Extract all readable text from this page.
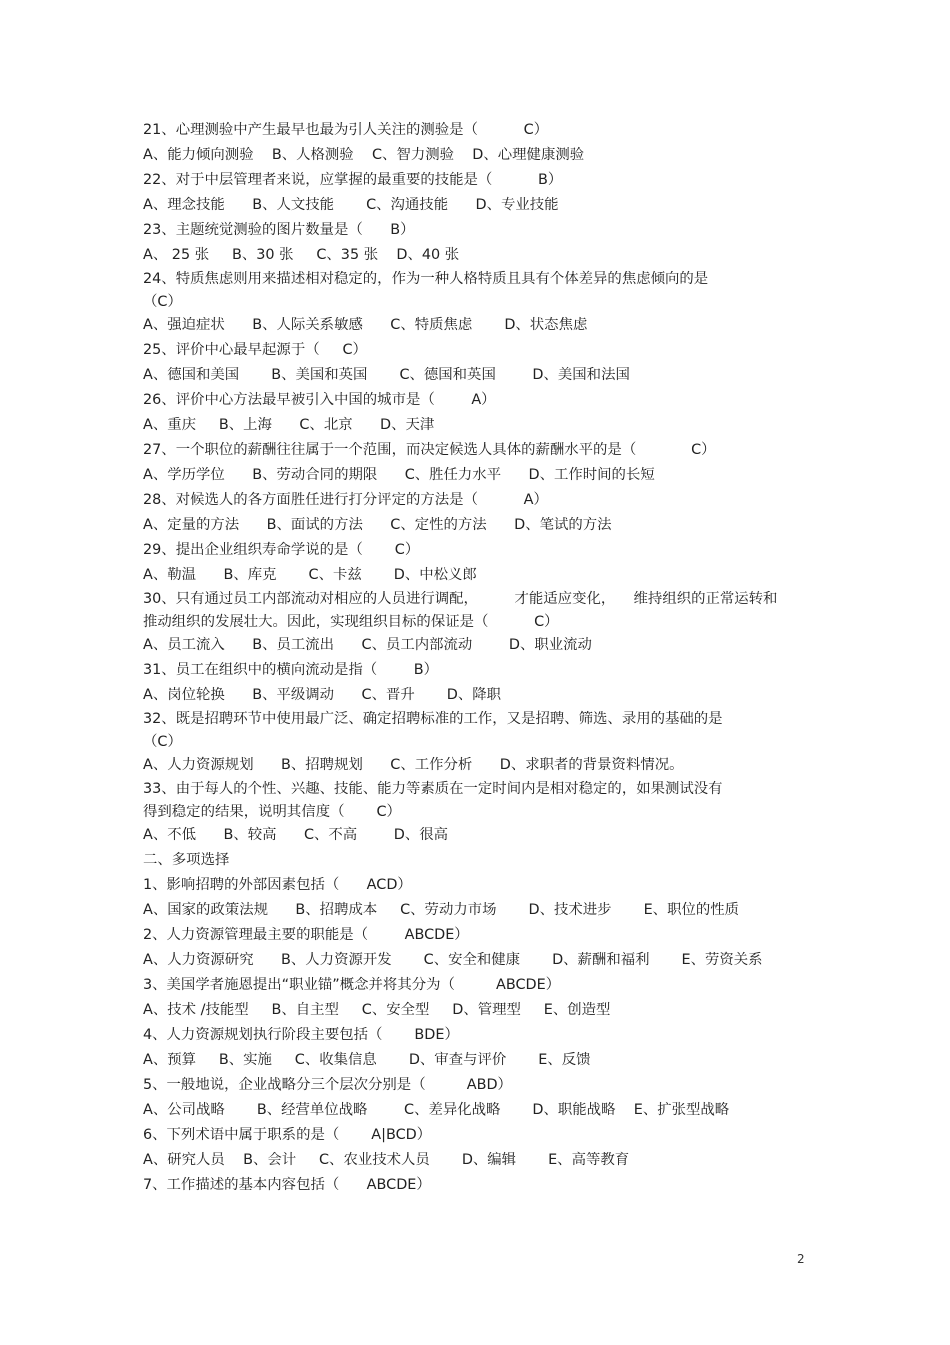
21、心理测验中产生最早也最为引人关注的测验是（          C）
A、能力倾向测验    B、人格测验    C、智力测验    D、心理健康测验
22、对于中层管理者来说，应掌握的最重要的技能是（          B）
A、理念技能      B、人文技能       C、沟通技能      D、专业技能
23、主题统觉测验的图片数量是（      B）
A、 25 张     B、30 张     C、35 张    D、40 张
24、特质焦虑则用来描述相对稳定的，作为一种人格特质且具有个体差异的焦虑倾向的是
（C）
A、强迫症状      B、人际关系敏感      C、特质焦虑       D、状态焦虑
25、评价中心最早起源于（     C）
A、德国和美国       B、美国和英国       C、德国和英国        D、美国和法国
26、评价中心方法最早被引入中国的城市是（        A）
A、重庆     B、上海      C、北京      D、天津
27、一个职位的薪酬往往属于一个范围，而决定候选人具体的薪酬水平的是（            C）
A、学历学位      B、劳动合同的期限      C、胜任力水平      D、工作时间的长短
28、对候选人的各方面胜任进行打分评定的方法是（          A）
A、定量的方法      B、面试的方法      C、定性的方法      D、笔试的方法
29、提出企业组织寿命学说的是（       C）
A、勒温      B、库克       C、卡兹       D、中松义郎
30、只有通过员工内部流动对相应的人员进行调配，        才能适应变化，    维持组织的正常运转和
推动组织的发展壮大。因此，实现组织目标的保证是（          C）
A、员工流入      B、员工流出      C、员工内部流动        D、职业流动
31、员工在组织中的横向流动是指（        B）
A、岗位轮换      B、平级调动      C、晋升       D、降职
32、既是招聘环节中使用最广泛、确定招聘标准的工作，又是招聘、筛选、录用的基础的是
（C）
A、人力资源规划      B、招聘规划      C、工作分析      D、求职者的背景资料情况。
33、由于每人的个性、兴趣、技能、能力等素质在一定时间内是相对稳定的，如果测试没有
得到稳定的结果，说明其信度（       C）
A、不低      B、较高      C、不高        D、很高
二、多项选择
1、影响招聘的外部因素包括（      ACD）
A、国家的政策法规      B、招聘成本     C、劳动力市场       D、技术进步       E、职位的性质
2、人力资源管理最主要的职能是（        ABCDE）
A、人力资源研究      B、人力资源开发       C、安全和健康       D、薪酬和福利       E、劳资关系
3、美国学者施恩提出“职业锚”概念并将其分为（         ABCDE）
A、技术 /技能型     B、自主型     C、安全型     D、管理型     E、创造型
4、人力资源规划执行阶段主要包括（       BDE）
A、预算     B、实施     C、收集信息       D、审查与评价       E、反馈
5、一般地说，企业战略分三个层次分别是（         ABD）
A、公司战略       B、经营单位战略        C、差异化战略       D、职能战略    E、扩张型战略
6、下列术语中属于职系的是（       A|BCD）
A、研究人员    B、会计     C、农业技术人员       D、编辑       E、高等教育
7、工作描述的基本内容包括（      ABCDE）
2
